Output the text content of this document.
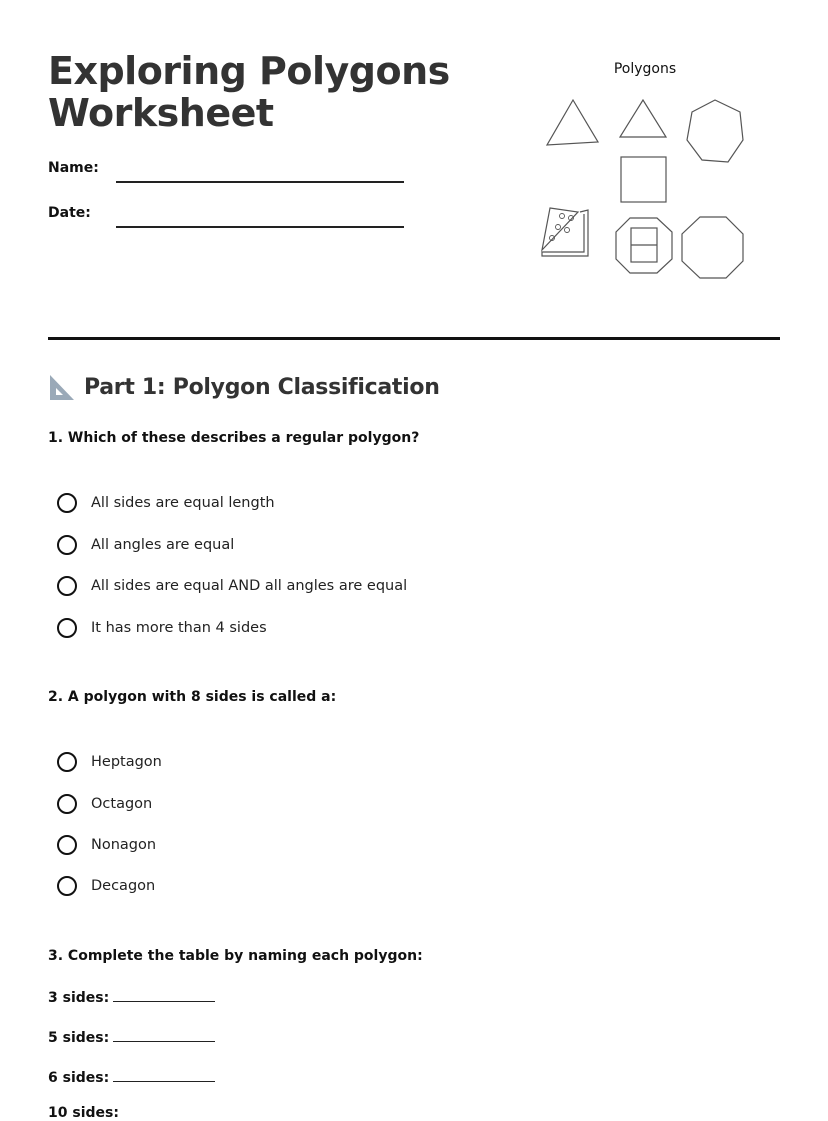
Exploring Polygons Worksheet
Name:
Date:
Polygons
Part 1: Polygon Classification
1. Which of these describes a regular polygon?
All sides are equal length
All angles are equal
All sides are equal AND all angles are equal
It has more than 4 sides
2. A polygon with 8 sides is called a:
Heptagon
Octagon
Nonagon
Decagon
3. Complete the table by naming each polygon:
3 sides:
5 sides:
6 sides:
10 sides:
